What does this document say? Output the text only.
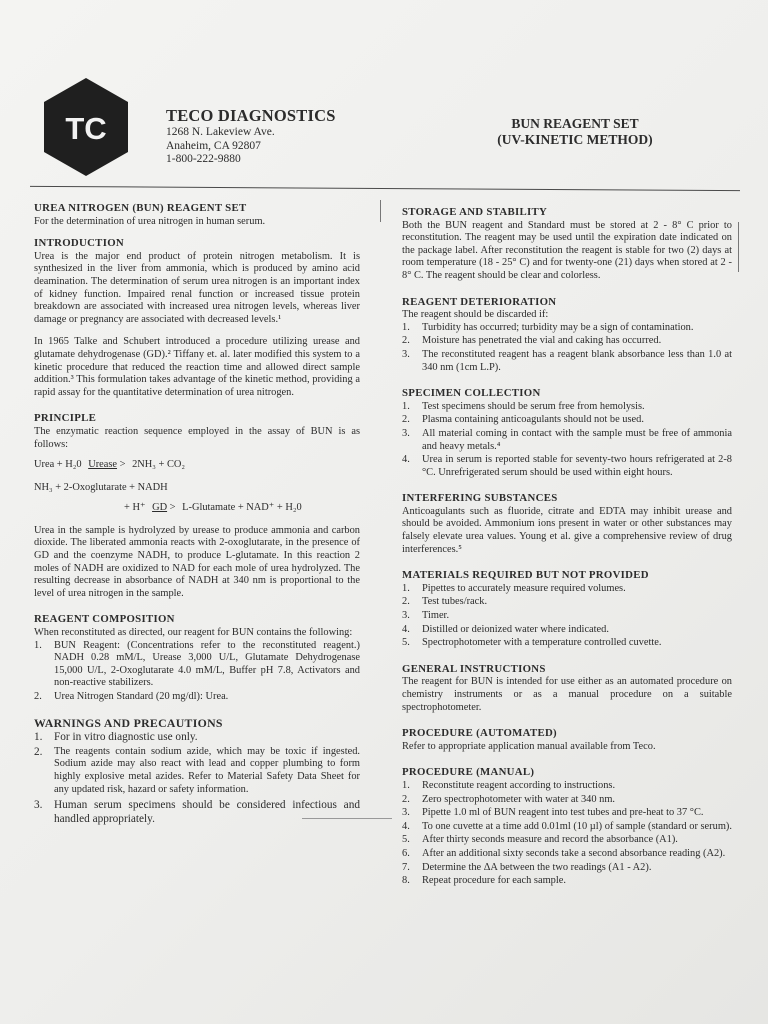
TC	TECO DIAGNOSTICS
1268 N. Lakeview Ave.
Anaheim, CA 92807
1-800-222-9880
BUN REAGENT SET
(UV-KINETIC METHOD)
UREA NITROGEN (BUN) REAGENT SET
For the determination of urea nitrogen in human serum.
INTRODUCTION
Urea is the major end product of protein nitrogen metabolism. It is synthesized in the liver from ammonia, which is produced by amino acid deamination. The determination of serum urea nitrogen is an important index of kidney function. Impaired renal function or increased tissue protein breakdown are associated with increased urea nitrogen levels, whereas liver damage or pregnancy are associated with decreased levels.¹
In 1965 Talke and Schubert introduced a procedure utilizing urease and glutamate dehydrogenase (GD).² Tiffany et. al. later modified this system to a kinetic procedure that reduced the reaction time and allowed direct sample addition.³ This formulation takes advantage of the kinetic method, providing a rapid assay for the quantitative determination of urea nitrogen.
PRINCIPLE
The enzymatic reaction sequence employed in the assay of BUN is as follows:
Urea + H₂0 Urease > 2NH₃ + CO₂
NH₃ + 2-Oxoglutarate + NADH
+ H⁺ GD > L-Glutamate + NAD⁺ + H₂0
Urea in the sample is hydrolyzed by urease to produce ammonia and carbon dioxide. The liberated ammonia reacts with 2-oxoglutarate, in the presence of GD and the coenzyme NADH, to produce L-glutamate. In this reaction 2 moles of NADH are oxidized to NAD for each mole of urea hydrolyzed. The resulting decrease in absorbance of NADH at 340 nm is proportional to the level of urea nitrogen in the sample.
REAGENT COMPOSITION
When reconstituted as directed, our reagent for BUN contains the following:
1. BUN Reagent: (Concentrations refer to the reconstituted reagent.) NADH 0.28 mM/L, Urease 3,000 U/L, Glutamate Dehydrogenase 15,000 U/L, 2-Oxoglutarate 4.0 mM/L, Buffer pH 7.8, Activators and non-reactive stabilizers.
2. Urea Nitrogen Standard (20 mg/dl): Urea.
WARNINGS AND PRECAUTIONS
1. For in vitro diagnostic use only.
2. The reagents contain sodium azide, which may be toxic if ingested. Sodium azide may also react with lead and copper plumbing to form highly explosive metal azides. Refer to Material Safety Data Sheet for any updated risk, hazard or safety information.
3. Human serum specimens should be considered infectious and handled appropriately.
STORAGE AND STABILITY
Both the BUN reagent and Standard must be stored at 2 - 8° C prior to reconstitution. The reagent may be used until the expiration date indicated on the package label. After reconstitution the reagent is stable for two (2) days at room temperature (18 - 25° C) and for twenty-one (21) days when stored at 2 - 8° C. The reagent should be clear and colorless.
REAGENT DETERIORATION
The reagent should be discarded if:
1. Turbidity has occurred; turbidity may be a sign of contamination.
2. Moisture has penetrated the vial and caking has occurred.
3. The reconstituted reagent has a reagent blank absorbance less than 1.0 at 340 nm (1cm L.P).
SPECIMEN COLLECTION
1. Test specimens should be serum free from hemolysis.
2. Plasma containing anticoagulants should not be used.
3. All material coming in contact with the sample must be free of ammonia and heavy metals.⁴
4. Urea in serum is reported stable for seventy-two hours refrigerated at 2-8 °C. Unrefrigerated serum should be used within eight hours.
INTERFERING SUBSTANCES
Anticoagulants such as fluoride, citrate and EDTA may inhibit urease and should be avoided. Ammonium ions present in water or other substances may falsely elevate urea values. Young et al. give a comprehensive review of drug interferences.⁵
MATERIALS REQUIRED BUT NOT PROVIDED
1. Pipettes to accurately measure required volumes.
2. Test tubes/rack.
3. Timer.
4. Distilled or deionized water where indicated.
5. Spectrophotometer with a temperature controlled cuvette.
GENERAL INSTRUCTIONS
The reagent for BUN is intended for use either as an automated procedure on chemistry instruments or as a manual procedure on a suitable spectrophotometer.
PROCEDURE (AUTOMATED)
Refer to appropriate application manual available from Teco.
PROCEDURE (MANUAL)
1. Reconstitute reagent according to instructions.
2. Zero spectrophotometer with water at 340 nm.
3. Pipette 1.0 ml of BUN reagent into test tubes and pre-heat to 37 °C.
4. To one cuvette at a time add 0.01ml (10 µl) of sample (standard or serum).
5. After thirty seconds measure and record the absorbance (A1).
6. After an additional sixty seconds take a second absorbance reading (A2).
7. Determine the ΔA between the two readings (A1 - A2).
8. Repeat procedure for each sample.
